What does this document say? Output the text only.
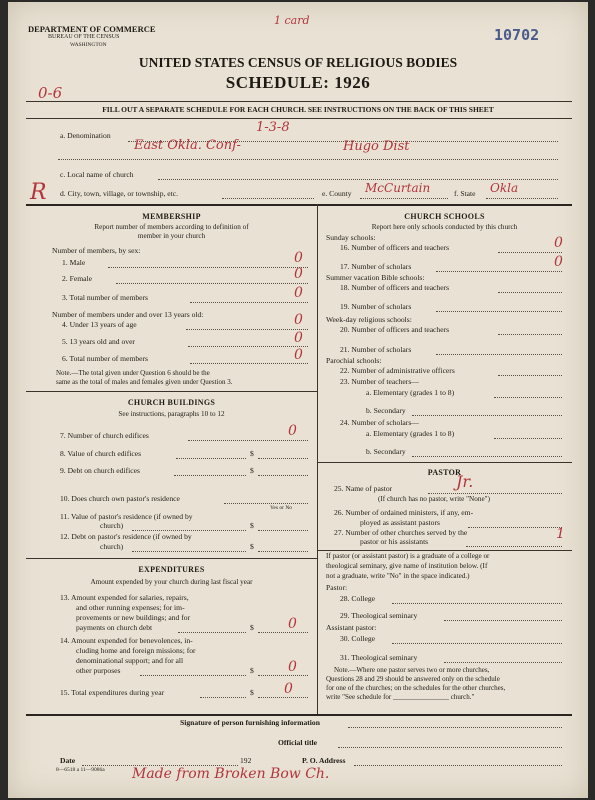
DEPARTMENT OF COMMERCE
BUREAU OF THE CENSUS
WASHINGTON
1 card
10702
0-6
UNITED STATES CENSUS OF RELIGIOUS BODIES
SCHEDULE: 1926
FILL OUT A SEPARATE SCHEDULE FOR EACH CHURCH. SEE INSTRUCTIONS ON THE BACK OF THIS SHEET
a. Denomination
1-3-8
East Okla. Conf-	Hugo Dist
c. Local name of church
R d. City, town, village, or township, etc.	e. County McCurtain	f. State Okla
MEMBERSHIP
Report number of members according to definition of
member in your church
Number of members, by sex:
1. Male	0
2. Female	0
3. Total number of members	0
Number of members under and over 13 years old:
4. Under 13 years of age	0
5. 13 years old and over	0
6. Total number of members	0
Note.—The total given under Question 6 should be the
same as the total of males and females given under Question 3.
CHURCH BUILDINGS
See instructions, paragraphs 10 to 12
7. Number of church edifices	0
8. Value of church edifices	$
9. Debt on church edifices	$
10. Does church own pastor's residence
Yes or No
11. Value of pastor's residence (if owned by
church)	$
12. Debt on pastor's residence (if owned by
church)	$
EXPENDITURES
Amount expended by your church during last fiscal year
13. Amount expended for salaries, repairs,
and other running expenses; for im-
provements or new buildings; and for
payments on church debt	$ 0
14. Amount expended for benevolences, in-
cluding home and foreign missions; for
denominational support; and for all
other purposes	$ 0
15. Total expenditures during year	$ 0
CHURCH SCHOOLS
Report here only schools conducted by this church
Sunday schools:
16. Number of officers and teachers	0
17. Number of scholars	0
Summer vacation Bible schools:
18. Number of officers and teachers
19. Number of scholars
Week-day religious schools:
20. Number of officers and teachers
21. Number of scholars
Parochial schools:
22. Number of administrative officers
23. Number of teachers—
a. Elementary (grades 1 to 8)
b. Secondary
24. Number of scholars—
a. Elementary (grades 1 to 8)
b. Secondary
PASTOR
25. Name of pastor	Jr.
(If church has no pastor, write "None")
26. Number of ordained ministers, if any, em-
ployed as assistant pastors
27. Number of other churches served by the
pastor or his assistants	1
If pastor (or assistant pastor) is a graduate of a college or
theological seminary, give name of institution below. (If
not a graduate, write "No" in the space indicated.)
Pastor:
28. College
29. Theological seminary
Assistant pastor:
30. College
31. Theological seminary
Note.—Where one pastor serves two or more churches,
Questions 28 and 29 should be answered only on the schedule
for one of the churches; on the schedules for the other churches,
write "See schedule for ________________ church."
Signature of person furnishing information
Official title
Date	192	P. O. Address
8—6518 a 11—9086a Made from Broken Bow Ch.
